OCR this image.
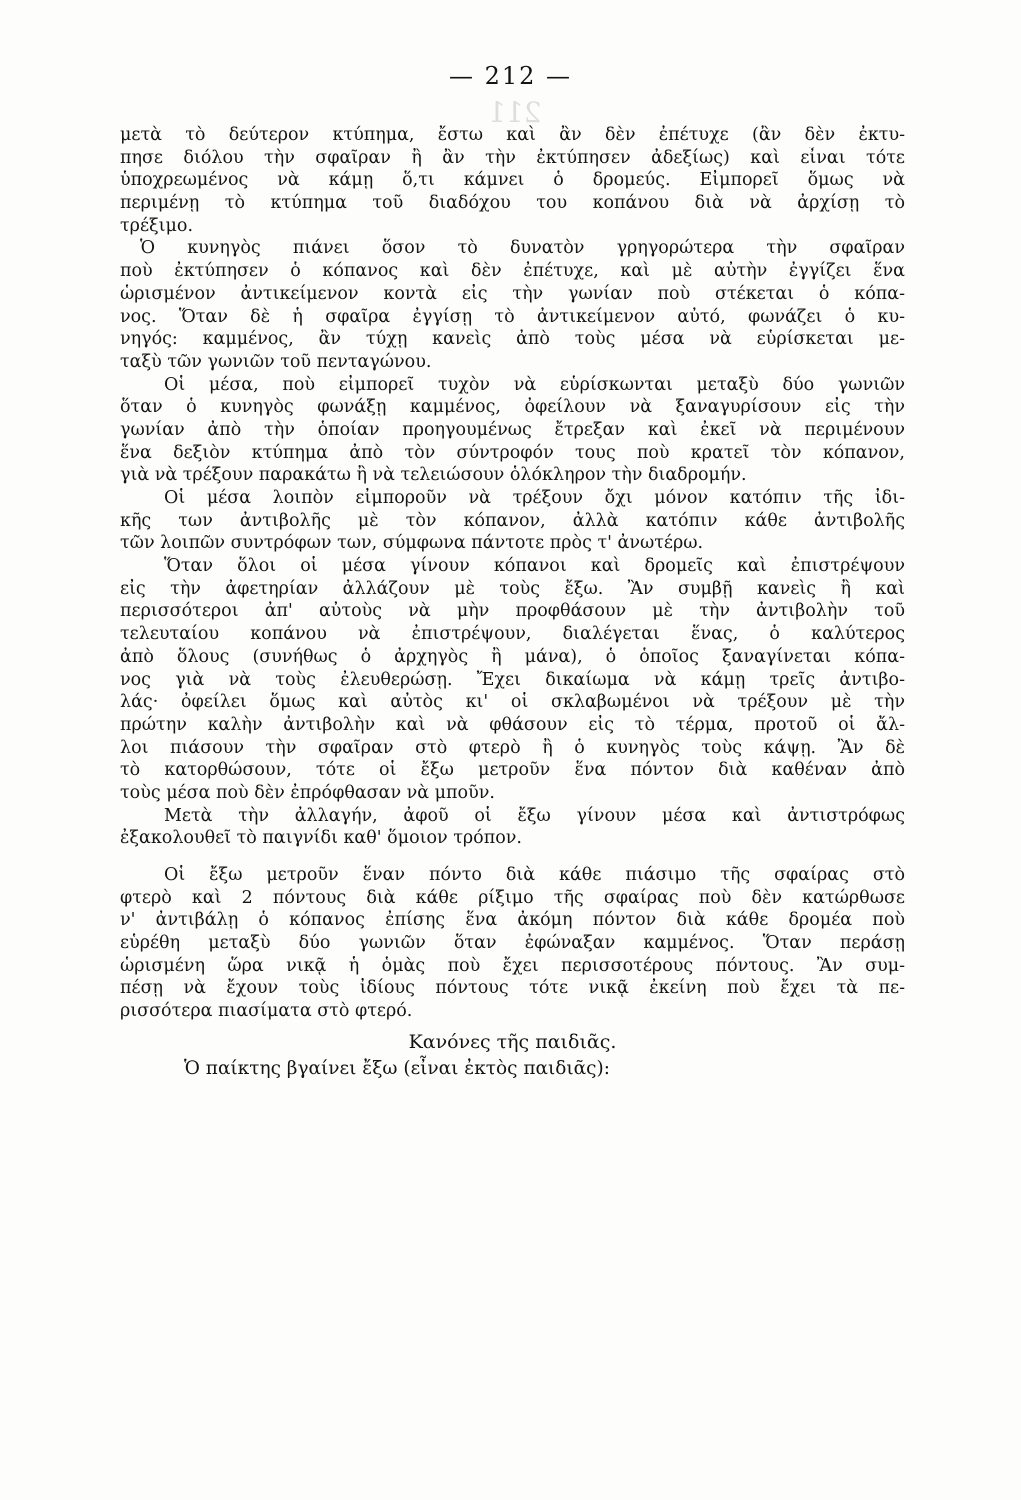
211
— 212 —
μετὰ τὸ δεύτερον κτύπημα, ἔστω καὶ ἂν δὲν ἐπέτυχε (ἂν δὲν ἐκτυ-
πησε διόλου τὴν σφαῖραν ἢ ἂν τὴν ἐκτύπησεν ἀδεξίως) καὶ εἶναι τότε
ὑποχρεωμένος νὰ κάμῃ ὅ,τι κάμνει ὁ δρομεύς. Εἰμπορεῖ ὅμως νὰ
περιμένῃ τὸ κτύπημα τοῦ διαδόχου του κοπάνου διὰ νὰ ἀρχίσῃ τὸ
τρέξιμο.
Ὁ κυνηγὸς πιάνει ὅσον τὸ δυνατὸν γρηγορώτερα τὴν σφαῖραν
ποὺ ἐκτύπησεν ὁ κόπανος καὶ δὲν ἐπέτυχε, καὶ μὲ αὐτὴν ἐγγίζει ἕνα
ὡρισμένον ἀντικείμενον κοντὰ εἰς τὴν γωνίαν ποὺ στέκεται ὁ κόπα-
νος. Ὅταν δὲ ἡ σφαῖρα ἐγγίσῃ τὸ ἀντικείμενον αὐτό, φωνάζει ὁ κυ-
νηγός: καμμένος, ἂν τύχῃ κανεὶς ἀπὸ τοὺς μέσα νὰ εὑρίσκεται με-
ταξὺ τῶν γωνιῶν τοῦ πενταγώνου.
Οἱ μέσα, ποὺ εἰμπορεῖ τυχὸν νὰ εὑρίσκωνται μεταξὺ δύο γωνιῶν
ὅταν ὁ κυνηγὸς φωνάξῃ καμμένος, ὀφείλουν νὰ ξαναγυρίσουν εἰς τὴν
γωνίαν ἀπὸ τὴν ὁποίαν προηγουμένως ἔτρεξαν καὶ ἐκεῖ νὰ περιμένουν
ἕνα δεξιὸν κτύπημα ἀπὸ τὸν σύντροφόν τους ποὺ κρατεῖ τὸν κόπανον,
γιὰ νὰ τρέξουν παρακάτω ἢ νὰ τελειώσουν ὁλόκληρον τὴν διαδρομήν.
Οἱ μέσα λοιπὸν εἰμποροῦν νὰ τρέξουν ὄχι μόνον κατόπιν τῆς ἰδι-
κῆς των ἀντιβολῆς μὲ τὸν κόπανον, ἀλλὰ κατόπιν κάθε ἀντιβολῆς
τῶν λοιπῶν συντρόφων των, σύμφωνα πάντοτε πρὸς τ' ἀνωτέρω.
Ὅταν ὅλοι οἱ μέσα γίνουν κόπανοι καὶ δρομεῖς καὶ ἐπιστρέψουν
εἰς τὴν ἀφετηρίαν ἀλλάζουν μὲ τοὺς ἔξω. Ἂν συμβῇ κανεὶς ἢ καὶ
περισσότεροι ἀπ' αὐτοὺς νὰ μὴν προφθάσουν μὲ τὴν ἀντιβολὴν τοῦ
τελευταίου κοπάνου νὰ ἐπιστρέψουν, διαλέγεται ἕνας, ὁ καλύτερος
ἀπὸ ὅλους (συνήθως ὁ ἀρχηγὸς ἢ μάνα), ὁ ὁποῖος ξαναγίνεται κόπα-
νος γιὰ νὰ τοὺς ἐλευθερώσῃ. Ἔχει δικαίωμα νὰ κάμῃ τρεῖς ἀντιβο-
λάς· ὀφείλει ὅμως καὶ αὐτὸς κι' οἱ σκλαβωμένοι νὰ τρέξουν μὲ τὴν
πρώτην καλὴν ἀντιβολὴν καὶ νὰ φθάσουν εἰς τὸ τέρμα, προτοῦ οἱ ἄλ-
λοι πιάσουν τὴν σφαῖραν στὸ φτερὸ ἢ ὁ κυνηγὸς τοὺς κάψῃ. Ἂν δὲ
τὸ κατορθώσουν, τότε οἱ ἔξω μετροῦν ἕνα πόντον διὰ καθέναν ἀπὸ
τοὺς μέσα ποὺ δὲν ἐπρόφθασαν νὰ μποῦν.
Μετὰ τὴν ἀλλαγήν, ἀφοῦ οἱ ἔξω γίνουν μέσα καὶ ἀντιστρόφως
ἐξακολουθεῖ τὸ παιγνίδι καθ' ὅμοιον τρόπον.
Οἱ ἔξω μετροῦν ἕναν πόντο διὰ κάθε πιάσιμο τῆς σφαίρας στὸ
φτερὸ καὶ 2 πόντους διὰ κάθε ρίξιμο τῆς σφαίρας ποὺ δὲν κατώρθωσε
ν' ἀντιβάλῃ ὁ κόπανος ἐπίσης ἕνα ἀκόμη πόντον διὰ κάθε δρομέα ποὺ
εὑρέθη μεταξὺ δύο γωνιῶν ὅταν ἐφώναξαν καμμένος. Ὅταν περάσῃ
ὡρισμένη ὥρα νικᾷ ἡ ὁμὰς ποὺ ἔχει περισσοτέρους πόντους. Ἂν συμ-
πέσῃ νὰ ἔχουν τοὺς ἰδίους πόντους τότε νικᾷ ἐκείνη ποὺ ἔχει τὰ πε-
ρισσότερα πιασίματα στὸ φτερό.
Κανόνες τῆς παιδιᾶς.
Ὁ παίκτης βγαίνει ἔξω (εἶναι ἐκτὸς παιδιᾶς):
